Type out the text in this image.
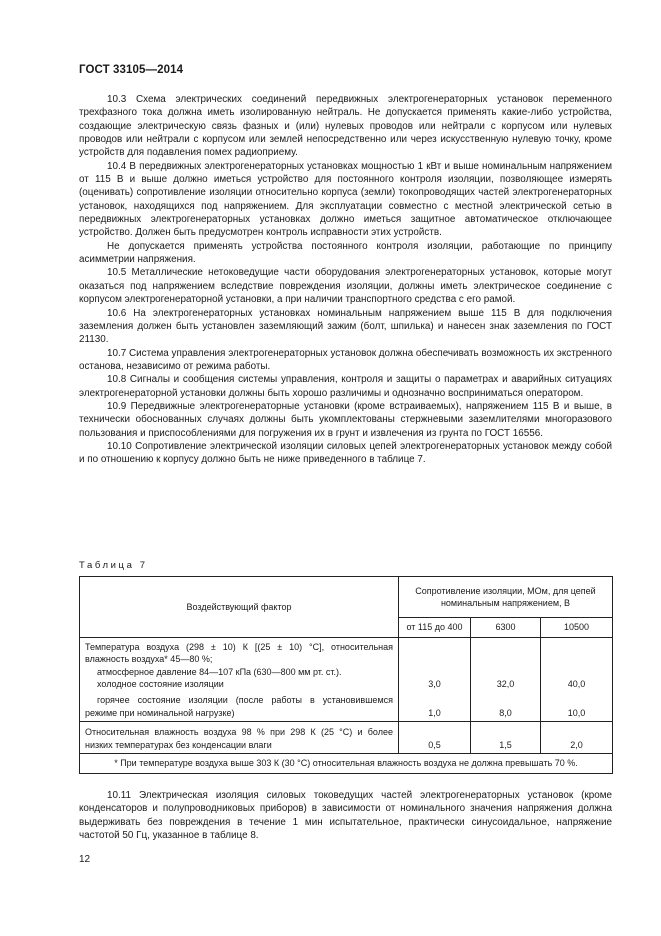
ГОСТ 33105—2014

10.3 Схема электрических соединений передвижных электрогенераторных установок переменного трехфазного тока должна иметь изолированную нейтраль. Не допускается применять какие-либо устройства, создающие электрическую связь фазных и (или) нулевых проводов или нейтрали с корпусом или нулевых проводов или нейтрали с корпусом или землей непосредственно или через искусственную нулевую точку, кроме устройств для подавления помех радиоприему.

10.4 В передвижных электрогенераторных установках мощностью 1 кВт и выше номинальным напряжением от 115 В и выше должно иметься устройство для постоянного контроля изоляции, позволяющее измерять (оценивать) сопротивление изоляции относительно корпуса (земли) токопроводящих частей электрогенераторных установок, находящихся под напряжением. Для эксплуатации совместно с местной электрической сетью в передвижных электрогенераторных установках должно иметься защитное автоматическое отключающее устройство. Должен быть предусмотрен контроль исправности этих устройств.

Не допускается применять устройства постоянного контроля изоляции, работающие по принципу асимметрии напряжения.

10.5 Металлические нетоковедущие части оборудования электрогенераторных установок, которые могут оказаться под напряжением вследствие повреждения изоляции, должны иметь электрическое соединение с корпусом электрогенераторной установки, а при наличии транспортного средства с его рамой.

10.6 На электрогенераторных установках номинальным напряжением выше 115 В для подключения заземления должен быть установлен заземляющий зажим (болт, шпилька) и нанесен знак заземления по ГОСТ 21130.

10.7 Система управления электрогенераторных установок должна обеспечивать возможность их экстренного останова, независимо от режима работы.

10.8 Сигналы и сообщения системы управления, контроля и защиты о параметрах и аварийных ситуациях электрогенераторной установки должны быть хорошо различимы и однозначно восприниматься оператором.

10.9 Передвижные электрогенераторные установки (кроме встраиваемых), напряжением 115 В и выше, в технически обоснованных случаях должны быть укомплектованы стержневыми заземлителями многоразового пользования и приспособлениями для погружения их в грунт и извлечения из грунта по ГОСТ 16556.

10.10 Сопротивление электрической изоляции силовых цепей электрогенераторных установок между собой и по отношению к корпусу должно быть не ниже приведенного в таблице 7.

Таблица 7

Воздействующий фактор	Сопротивление изоляции, МОм, для цепей номинальным напряжением, В		
	от 115 до 400	6300	10500

Температура воздуха (298 ± 10) К [(25 ± 10) °С], относительная влажность воздуха* 45—80 %;
атмосферное давление 84—107 кПа (630—800 мм рт. ст.).
холодное состояние изоляции	3,0	32,0	40,0
горячее состояние изоляции (после работы в установившемся режиме при номинальной нагрузке)	1,0	8,0	10,0
Относительная влажность воздуха 98 % при 298 К (25 °С) и более низких температурах без конденсации влаги	0,5	1,5	2,0
* При температуре воздуха выше 303 К (30 °С) относительная влажность воздуха не должна превышать 70 %.			

10.11 Электрическая изоляция силовых токоведущих частей электрогенераторных установок (кроме конденсаторов и полупроводниковых приборов) в зависимости от номинального значения напряжения должна выдерживать без повреждения в течение 1 мин испытательное, практически синусоидальное, напряжение частотой 50 Гц, указанное в таблице 8.

12
